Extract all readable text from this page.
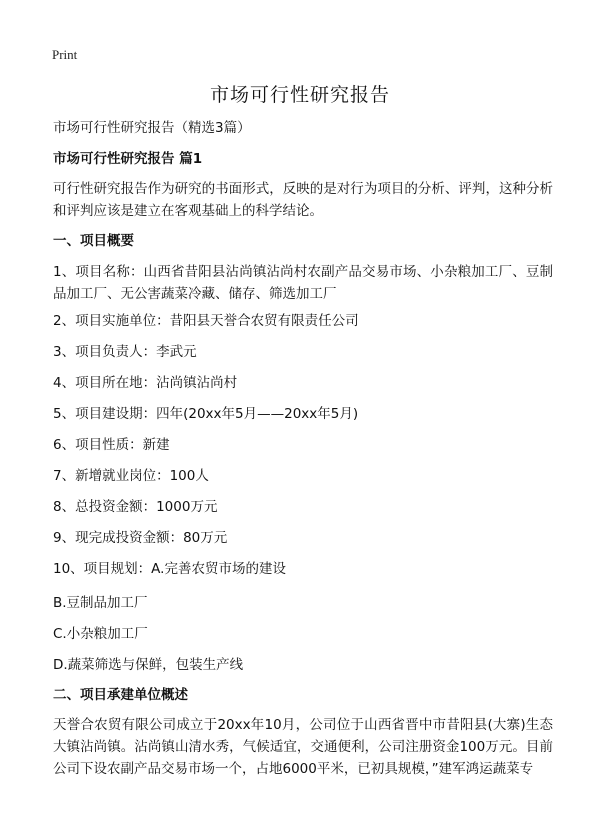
Print
市场可行性研究报告
市场可行性研究报告（精选3篇）
市场可行性研究报告 篇1
可行性研究报告作为研究的书面形式，反映的是对行为项目的分析、评判，这种分析和评判应该是建立在客观基础上的科学结论。
一、项目概要
1、项目名称：山西省昔阳县沾尚镇沾尚村农副产品交易市场、小杂粮加工厂、豆制品加工厂、无公害蔬菜冷藏、储存、筛选加工厂
2、项目实施单位：昔阳县天誉合农贸有限责任公司
3、项目负责人：李武元
4、项目所在地：沾尚镇沾尚村
5、项目建设期：四年(20xx年5月——20xx年5月)
6、项目性质：新建
7、新增就业岗位：100人
8、总投资金额：1000万元
9、现完成投资金额：80万元
10、项目规划：A.完善农贸市场的建设
B.豆制品加工厂
C.小杂粮加工厂
D.蔬菜筛选与保鲜，包装生产线
二、项目承建单位概述
天誉合农贸有限公司成立于20xx年10月，公司位于山西省晋中市昔阳县(大寨)生态大镇沾尚镇。沾尚镇山清水秀，气候适宜，交通便利，公司注册资金100万元。目前公司下设农副产品交易市场一个，占地6000平米，已初具规模，”建军鸿运蔬菜专
